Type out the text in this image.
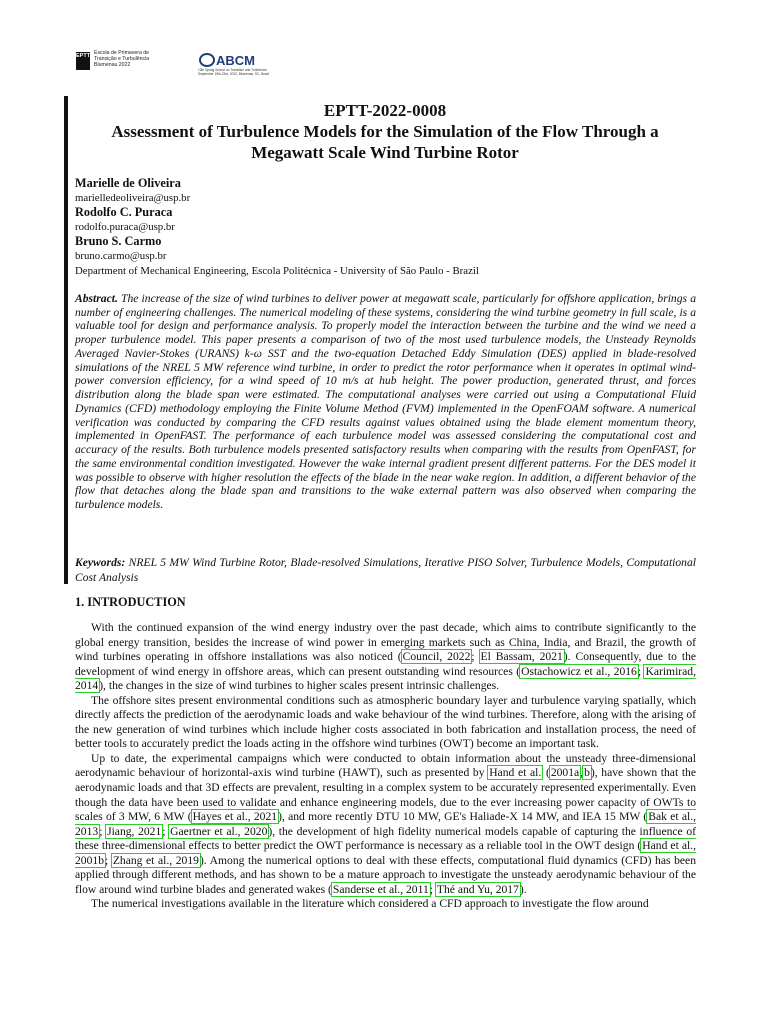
EPTT Escola de Primavera de
Transição e Turbulência
Blumenau 2022	ABCM
13th Spring School on Transition and Turbulence
September 19th-23rd, 2022, Blumenau, SC, Brazil
EPTT-2022-0008
Assessment of Turbulence Models for the Simulation of the Flow Through a Megawatt Scale Wind Turbine Rotor
Marielle de Oliveira
marielledeoliveira@usp.br
Rodolfo C. Puraca
rodolfo.puraca@usp.br
Bruno S. Carmo
bruno.carmo@usp.br
Department of Mechanical Engineering, Escola Politécnica - University of São Paulo - Brazil
Abstract. The increase of the size of wind turbines to deliver power at megawatt scale, particularly for offshore application, brings a number of engineering challenges. The numerical modeling of these systems, considering the wind turbine geometry in full scale, is a valuable tool for design and performance analysis. To properly model the interaction between the turbine and the wind we need a proper turbulence model. This paper presents a comparison of two of the most used turbulence models, the Unsteady Reynolds Averaged Navier-Stokes (URANS) k-ω SST and the two-equation Detached Eddy Simulation (DES) applied in blade-resolved simulations of the NREL 5 MW reference wind turbine, in order to predict the rotor performance when it operates in optimal wind-power conversion efficiency, for a wind speed of 10 m/s at hub height. The power production, generated thrust, and forces distribution along the blade span were estimated. The computational analyses were carried out using a Computational Fluid Dynamics (CFD) methodology employing the Finite Volume Method (FVM) implemented in the OpenFOAM software. A numerical verification was conducted by comparing the CFD results against values obtained using the blade element momentum theory, implemented in OpenFAST. The performance of each turbulence model was assessed considering the computational cost and accuracy of the results. Both turbulence models presented satisfactory results when comparing with the results from OpenFAST, for the same environmental condition investigated. However the wake internal gradient present different patterns. For the DES model it was possible to observe with higher resolution the effects of the blade in the near wake region. In addition, a different behavior of the flow that detaches along the blade span and transitions to the wake external pattern was also observed when comparing the turbulence models.
Keywords: NREL 5 MW Wind Turbine Rotor, Blade-resolved Simulations, Iterative PISO Solver, Turbulence Models, Computational Cost Analysis
1. INTRODUCTION

With the continued expansion of the wind energy industry over the past decade, which aims to contribute significantly to the global energy transition, besides the increase of wind power in emerging markets such as China, India, and Brazil, the growth of wind turbines operating in offshore installations was also noticed (Council, 2022; El Bassam, 2021). Consequently, due to the development of wind energy in offshore areas, which can present outstanding wind resources (Ostachowicz et al., 2016; Karimirad, 2014), the changes in the size of wind turbines to higher scales present intrinsic challenges.

The offshore sites present environmental conditions such as atmospheric boundary layer and turbulence varying spatially, which directly affects the prediction of the aerodynamic loads and wake behaviour of the wind turbines. Therefore, along with the arising of the new generation of wind turbines which include higher costs associated in both fabrication and installation process, the need of better tools to accurately predict the loads acting in the offshore wind turbines (OWT) become an important task.

Up to date, the experimental campaigns which were conducted to obtain information about the unsteady three-dimensional aerodynamic behaviour of horizontal-axis wind turbine (HAWT), such as presented by Hand et al. (2001a,b), have shown that the aerodynamic loads and that 3D effects are prevalent, resulting in a complex system to be accurately represented experimentally. Even though the data have been used to validate and enhance engineering models, due to the ever increasing power capacity of OWTs to scales of 3 MW, 6 MW (Hayes et al., 2021), and more recently DTU 10 MW, GE's Haliade-X 14 MW, and IEA 15 MW (Bak et al., 2013; Jiang, 2021; Gaertner et al., 2020), the development of high fidelity numerical models capable of capturing the influence of these three-dimensional effects to better predict the OWT performance is necessary as a reliable tool in the OWT design (Hand et al., 2001b; Zhang et al., 2019). Among the numerical options to deal with these effects, computational fluid dynamics (CFD) has been applied through different methods, and has shown to be a mature approach to investigate the unsteady aerodynamic behaviour of the flow around wind turbine blades and generated wakes (Sanderse et al., 2011; Thé and Yu, 2017).

The numerical investigations available in the literature which considered a CFD approach to investigate the flow around
